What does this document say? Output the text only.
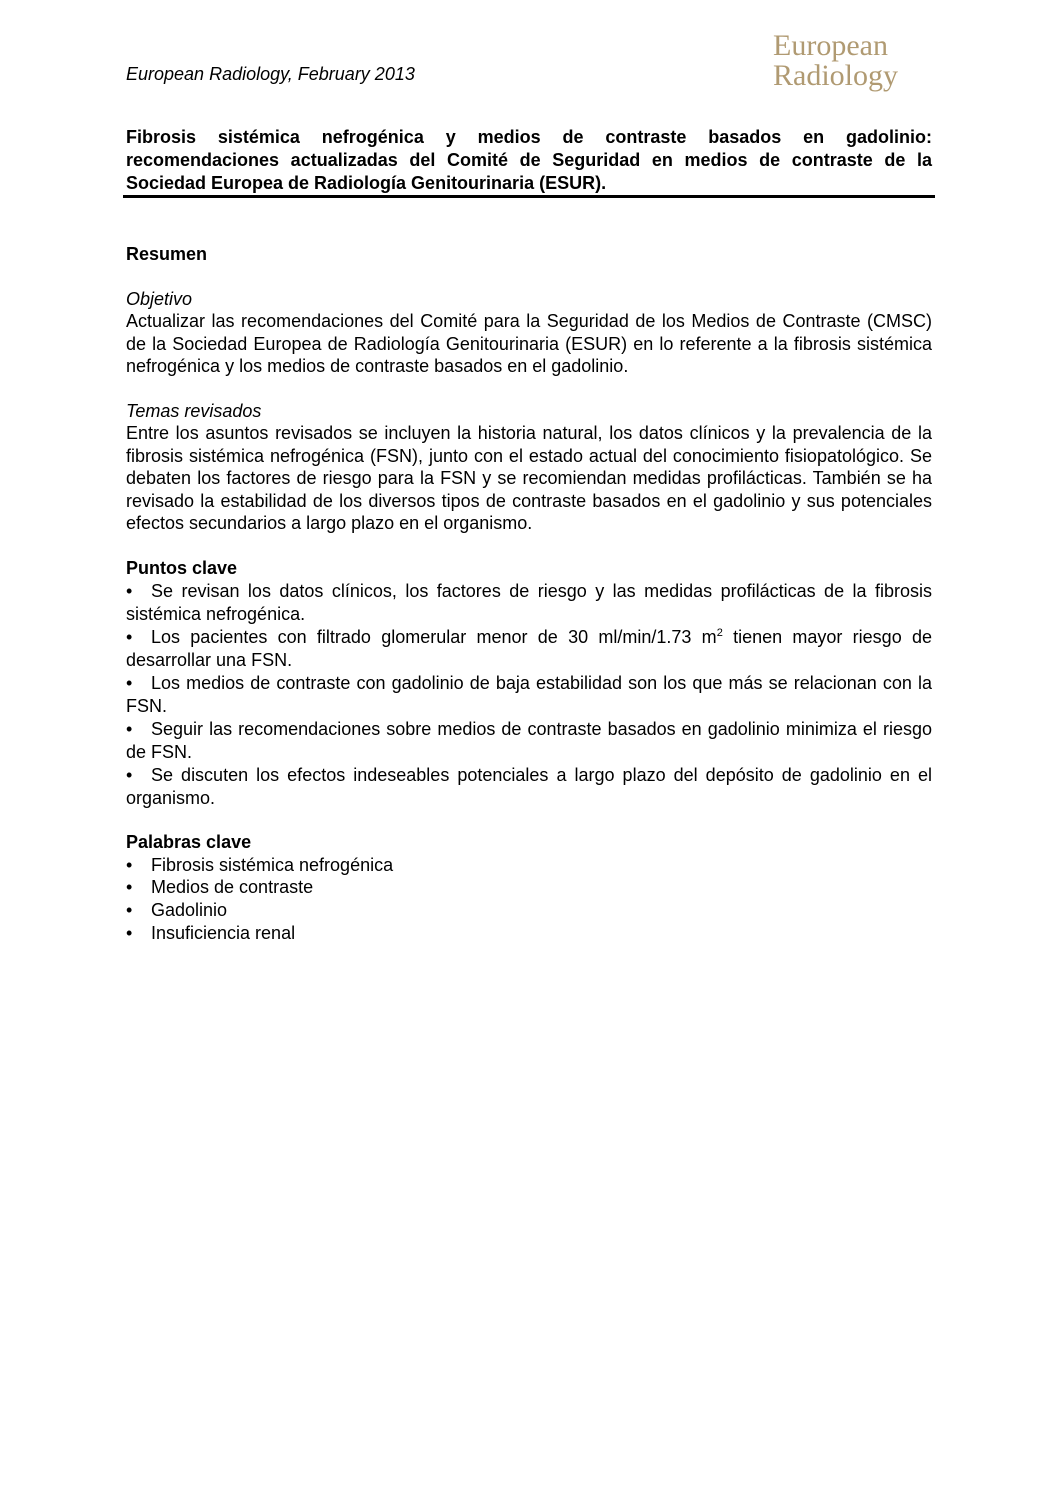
European Radiology, February 2013
European
Radiology
Fibrosis sistémica nefrogénica y medios de contraste basados en gadolinio: recomendaciones actualizadas del Comité de Seguridad en medios de contraste de la Sociedad Europea de Radiología Genitourinaria (ESUR).

Resumen

Objetivo

Actualizar las recomendaciones del Comité para la Seguridad de los Medios de Contraste (CMSC) de la Sociedad Europea de Radiología Genitourinaria (ESUR) en lo referente a la fibrosis sistémica nefrogénica y los medios de contraste basados en el gadolinio.

Temas revisados

Entre los asuntos revisados se incluyen la historia natural, los datos clínicos y la prevalencia de la fibrosis sistémica nefrogénica (FSN), junto con el estado actual del conocimiento fisiopatológico. Se debaten los factores de riesgo para la FSN y se recomiendan medidas profilácticas. También se ha revisado la estabilidad de los diversos tipos de contraste basados en el gadolinio y sus potenciales efectos secundarios a largo plazo en el organismo.

Puntos clave

• Se revisan los datos clínicos, los factores de riesgo y las medidas profilácticas de la fibrosis sistémica nefrogénica.

• Los pacientes con filtrado glomerular menor de 30 ml/min/1.73 $m^2$ tienen mayor riesgo de desarrollar una FSN.

• Los medios de contraste con gadolinio de baja estabilidad son los que más se relacionan con la FSN.

• Seguir las recomendaciones sobre medios de contraste basados en gadolinio minimiza el riesgo de FSN.

• Se discuten los efectos indeseables potenciales a largo plazo del depósito de gadolinio en el organismo.

Palabras clave

• Fibrosis sistémica nefrogénica
• Medios de contraste
• Gadolinio
• Insuficiencia renal
